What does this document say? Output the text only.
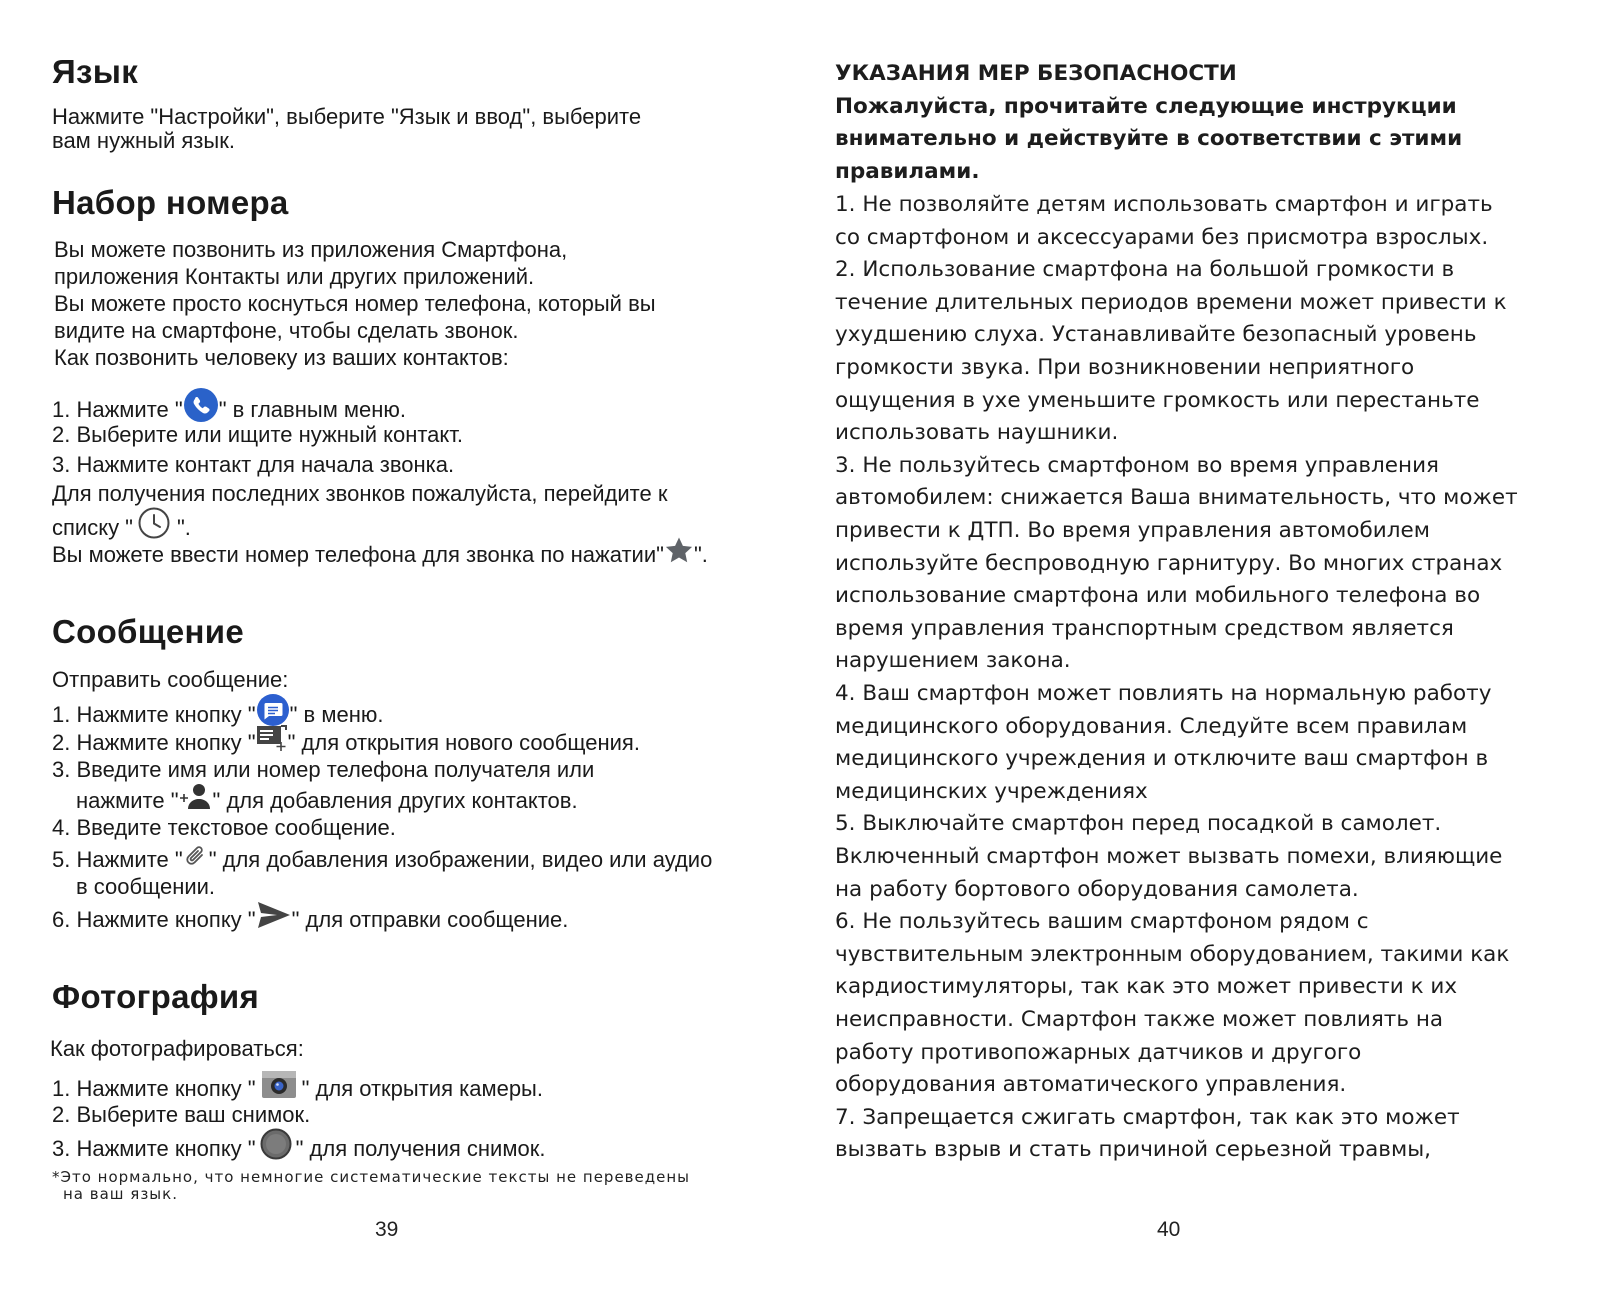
Язык
Нажмите "Настройки", выберите "Язык и ввод", выберите
вам нужный язык.
Набор номера
Вы можете позвонить из приложения Смартфона,
приложения Контакты или других приложений.
Вы можете просто коснуться номер телефона, который вы
видите на смартфоне, чтобы сделать звонок.
Как позвонить человеку из ваших контактов:
1. Нажмите " " в главным меню.
2. Выберите или ищите нужный контакт.
3. Нажмите контакт для начала звонка.
Для получения последних звонков пожалуйста, перейдите к
списку " ".
Вы можете ввести номер телефона для звонка по нажатии" ".
Сообщение
Отправить сообщение:
1. Нажмите кнопку " " в меню.
2. Нажмите кнопку " " для открытия нового сообщения.
3. Введите имя или номер телефона получателя или
нажмите " " для добавления других контактов.
4. Введите текстовое сообщение.
5. Нажмите " " для добавления изображении, видео или аудио
в сообщении.
6. Нажмите кнопку " " для отправки сообщение.
Фотография
Как фотографироваться:
1. Нажмите кнопку " " для открытия камеры.
2. Выберите ваш снимок.
3. Нажмите кнопку " " для получения снимок.
*Это нормально, что немногие систематические тексты не переведены
на ваш язык.
39
УКАЗАНИЯ МЕР БЕЗОПАСНОСТИ
Пожалуйста, прочитайте следующие инструкции
внимательно и действуйте в соответствии с этими
правилами.
1. Не позволяйте детям использовать смартфон и играть
со смартфоном и аксессуарами без присмотра взрослых.
2. Использование смартфона на большой громкости в
течение длительных периодов времени может привести к
ухудшению слуха. Устанавливайте безопасный уровень
громкости звука. При возникновении неприятного
ощущения в ухе уменьшите громкость или перестаньте
использовать наушники.
3. Не пользуйтесь смартфоном во время управления
автомобилем: снижается Ваша внимательность, что может
привести к ДТП. Во время управления автомобилем
используйте беспроводную гарнитуру. Во многих странах
использование смартфона или мобильного телефона во
время управления транспортным средством является
нарушением закона.
4. Ваш смартфон может повлиять на нормальную работу
медицинского оборудования. Следуйте всем правилам
медицинского учреждения и отключите ваш смартфон в
медицинских учреждениях
5. Выключайте смартфон перед посадкой в самолет.
Включенный смартфон может вызвать помехи, влияющие
на работу бортового оборудования самолета.
6. Не пользуйтесь вашим смартфоном рядом с
чувствительным электронным оборудованием, такими как
кардиостимуляторы, так как это может привести к их
неисправности. Смартфон также может повлиять на
работу противопожарных датчиков и другого
оборудования автоматического управления.
7. Запрещается сжигать смартфон, так как это может
вызвать взрыв и стать причиной серьезной травмы,
40
